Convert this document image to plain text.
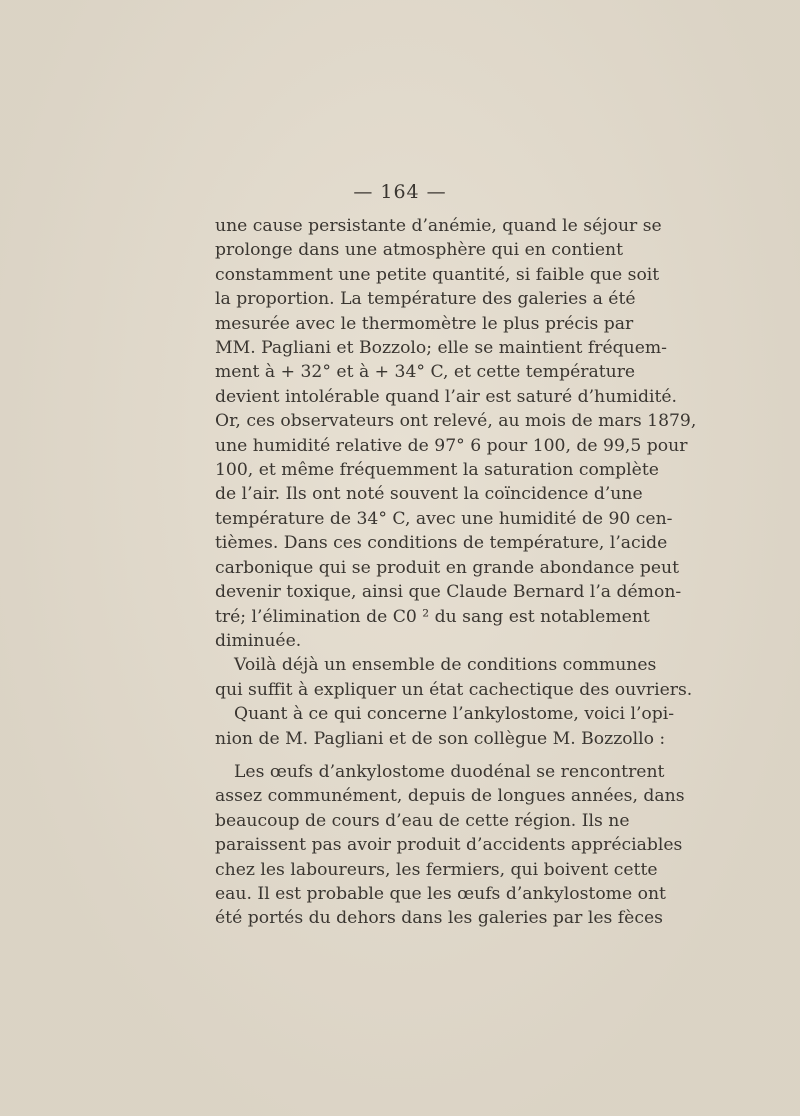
— 164 —
une cause persistante d’anémie, quand le séjour se
prolonge dans une atmosphère qui en contient
constamment une petite quantité, si faible que soit
la proportion. La température des galeries a été
mesurée avec le thermomètre le plus précis par
MM. Pagliani et Bozzolo; elle se maintient fréquem-
ment à + 32° et à + 34° C, et cette température
devient intolérable quand l’air est saturé d’humidité.
Or, ces observateurs ont relevé, au mois de mars 1879,
une humidité relative de 97° 6 pour 100, de 99,5 pour
100, et même fréquemment la saturation complète
de l’air. Ils ont noté souvent la coïncidence d’une
température de 34° C, avec une humidité de 90 cen-
tièmes. Dans ces conditions de température, l’acide
carbonique qui se produit en grande abondance peut
devenir toxique, ainsi que Claude Bernard l’a démon-
tré; l’élimination de C0 ² du sang est notablement
diminuée.
Voilà déjà un ensemble de conditions communes
qui suffit à expliquer un état cachectique des ouvriers.
Quant à ce qui concerne l’ankylostome, voici l’opi-
nion de M. Pagliani et de son collègue M. Bozzollo :
Les œufs d’ankylostome duodénal se rencontrent
assez communément, depuis de longues années, dans
beaucoup de cours d’eau de cette région. Ils ne
paraissent pas avoir produit d’accidents appréciables
chez les laboureurs, les fermiers, qui boivent cette
eau. Il est probable que les œufs d’ankylostome ont
été portés du dehors dans les galeries par les fèces
